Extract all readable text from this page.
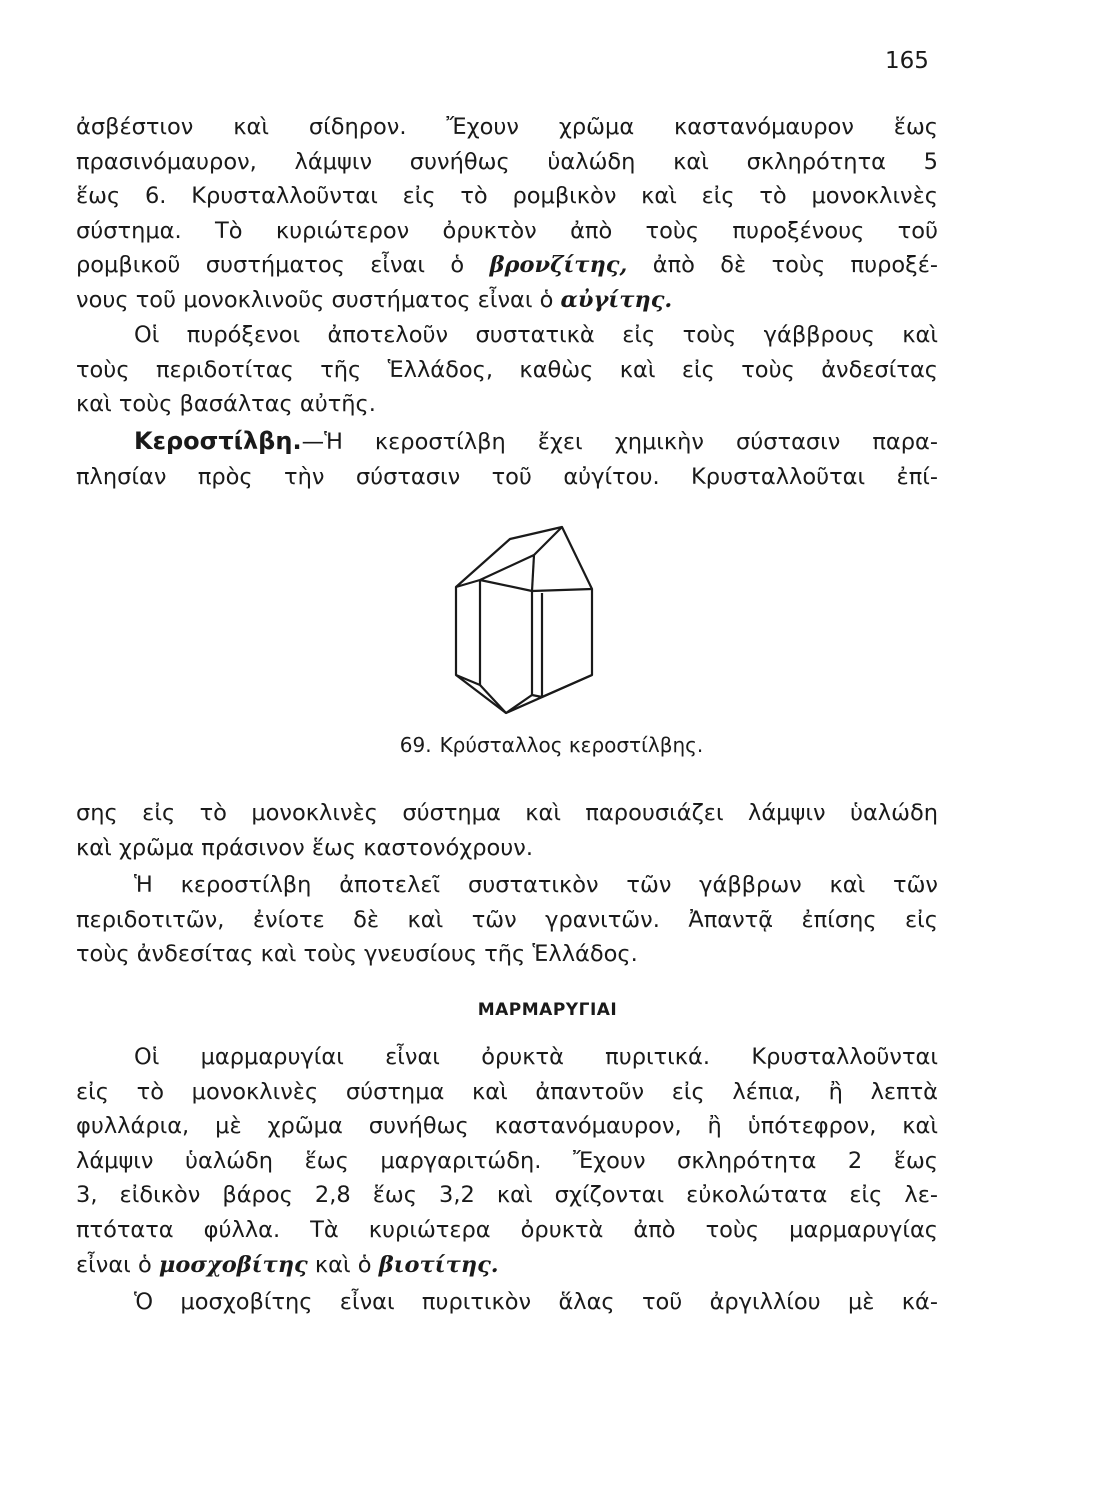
165
ἀσβέστιον καὶ σίδηρον. Ἔχουν χρῶμα καστανόμαυρον ἕως
πρασινόμαυρον, λάμψιν συνήθως ὑαλώδη καὶ σκληρότητα 5
ἕως 6. Κρυσταλλοῦνται εἰς τὸ ρομβικὸν καὶ εἰς τὸ μονοκλινὲς
σύστημα. Τὸ κυριώτερον ὀρυκτὸν ἀπὸ τοὺς πυροξένους τοῦ
ρομβικοῦ συστήματος εἶναι ὁ βρονζίτης, ἀπὸ δὲ τοὺς πυροξέ-
νους τοῦ μονοκλινοῦς συστήματος εἶναι ὁ αὐγίτης.
Οἱ πυρόξενοι ἀποτελοῦν συστατικὰ εἰς τοὺς γάββρους καὶ
τοὺς περιδοτίτας τῆς Ἑλλάδος, καθὼς καὶ εἰς τοὺς ἀνδεσίτας
καὶ τοὺς βασάλτας αὐτῆς.
Κεροστίλβη.—Ἡ κεροστίλβη ἔχει χημικὴν σύστασιν παρα-
πλησίαν πρὸς τὴν σύστασιν τοῦ αὐγίτου. Κρυσταλλοῦται ἐπί-
69. Κρύσταλλος κεροστίλβης.
σης εἰς τὸ μονοκλινὲς σύστημα καὶ παρουσιάζει λάμψιν ὑαλώδη
καὶ χρῶμα πράσινον ἕως καστονόχρουν.
Ἡ κεροστίλβη ἀποτελεῖ συστατικὸν τῶν γάββρων καὶ τῶν
περιδοτιτῶν, ἐνίοτε δὲ καὶ τῶν γρανιτῶν. Ἀπαντᾷ ἐπίσης εἰς
τοὺς ἀνδεσίτας καὶ τοὺς γνευσίους τῆς Ἑλλάδος.
ΜΑΡΜΑΡΥΓΙΑΙ
Οἱ μαρμαρυγίαι εἶναι ὀρυκτὰ πυριτικά. Κρυσταλλοῦνται
εἰς τὸ μονοκλινὲς σύστημα καὶ ἀπαντοῦν εἰς λέπια, ἢ λεπτὰ
φυλλάρια, μὲ χρῶμα συνήθως καστανόμαυρον, ἢ ὑπότεφρον, καὶ
λάμψιν ὑαλώδη ἕως μαργαριτώδη. Ἔχουν σκληρότητα 2 ἕως
3, εἰδικὸν βάρος 2,8 ἕως 3,2 καὶ σχίζονται εὐκολώτατα εἰς λε-
πτότατα φύλλα. Τὰ κυριώτερα ὀρυκτὰ ἀπὸ τοὺς μαρμαρυγίας
εἶναι ὁ μοσχοβίτης καὶ ὁ βιοτίτης.
Ὁ μοσχοβίτης εἶναι πυριτικὸν ἅλας τοῦ ἀργιλλίου μὲ κά-
